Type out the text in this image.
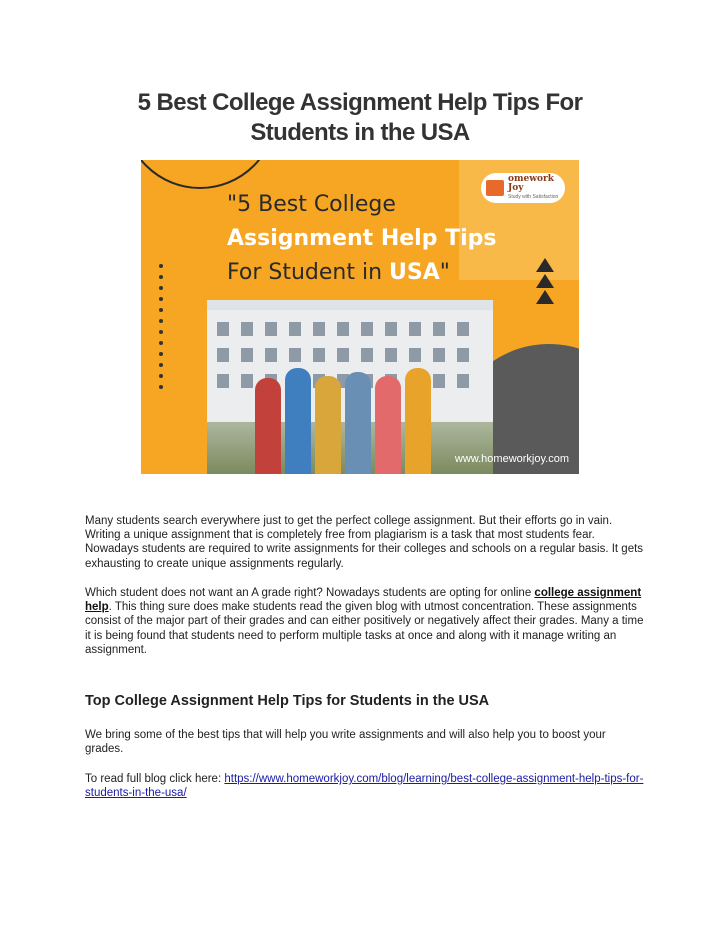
5 Best College Assignment Help Tips For
Students in the USA
"5 Best College
Assignment Help Tips
For Student in USA"
omework Joy
Study with Satisfaction
www.homeworkjoy.com
Many students search everywhere just to get the perfect college assignment. But their efforts go in vain. Writing a unique assignment that is completely free from plagiarism is a task that most students fear. Nowadays students are required to write assignments for their colleges and schools on a regular basis. It gets exhausting to create unique assignments regularly.
Which student does not want an A grade right? Nowadays students are opting for online college assignment help. This thing sure does make students read the given blog with utmost concentration. These assignments consist of the major part of their grades and can either positively or negatively affect their grades. Many a time it is being found that students need to perform multiple tasks at once and along with it manage writing an assignment.
Top College Assignment Help Tips for Students in the USA
We bring some of the best tips that will help you write assignments and will also help you to boost your grades.
To read full blog click here: https://www.homeworkjoy.com/blog/learning/best-college-assignment-help-tips-for-students-in-the-usa/
